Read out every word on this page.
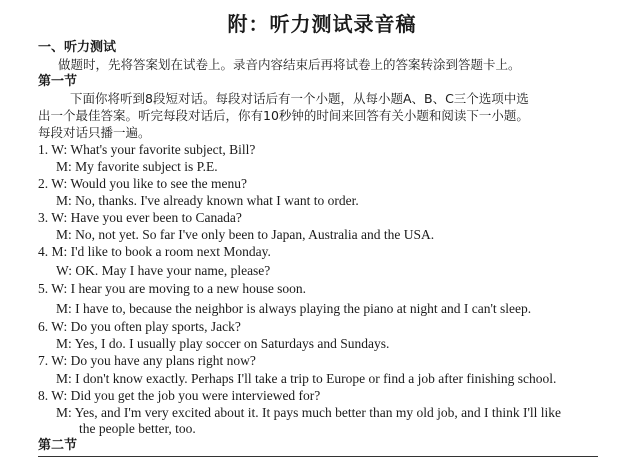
附：听力测试录音稿
一、听力测试
做题时，先将答案划在试卷上。录音内容结束后再将试卷上的答案转涂到答题卡上。
第一节
下面你将听到8段短对话。每段对话后有一个小题，从每小题A、B、C三个选项中选
出一个最佳答案。听完每段对话后，你有10秒钟的时间来回答有关小题和阅读下一小题。
每段对话只播一遍。
1. W: What's your favorite subject, Bill?
M: My favorite subject is P.E.
2. W: Would you like to see the menu?
M: No, thanks. I've already known what I want to order.
3. W: Have you ever been to Canada?
M: No, not yet. So far I've only been to Japan, Australia and the USA.
4. M: I'd like to book a room next Monday.
W: OK. May I have your name, please?
5. W: I hear you are moving to a new house soon.
M: I have to, because the neighbor is always playing the piano at night and I can't sleep.
6. W: Do you often play sports, Jack?
M: Yes, I do. I usually play soccer on Saturdays and Sundays.
7. W: Do you have any plans right now?
M: I don't know exactly. Perhaps I'll take a trip to Europe or find a job after finishing school.
8. W: Did you get the job you were interviewed for?
M: Yes, and I'm very excited about it. It pays much better than my old job, and I think I'll like
the people better, too.
第二节
